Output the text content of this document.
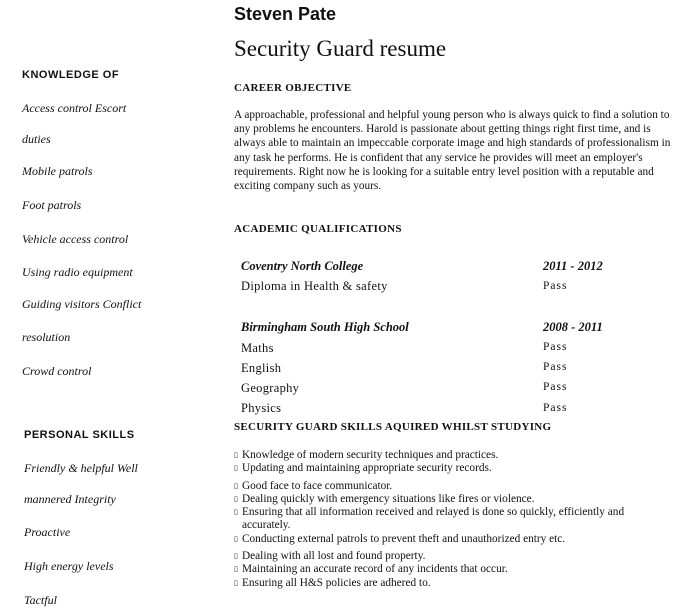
KNOWLEDGE OF
Access control Escort
duties
Mobile patrols
Foot patrols
Vehicle access control
Using radio equipment
Guiding visitors Conflict
resolution
Crowd control
PERSONAL SKILLS
Friendly & helpful Well
mannered Integrity
Proactive
High energy levels
Tactful
Steven Pate
Security Guard resume
CAREER OBJECTIVE
A approachable, professional and helpful young person who is always quick to find a solution to any problems he encounters. Harold is passionate about getting things right first time, and is always able to maintain an impeccable corporate image and high standards of professionalism in any task he performs. He is confident that any service he provides will meet an employer's requirements. Right now he is looking for a suitable entry level position with a reputable and exciting company such as yours.
ACADEMIC QUALIFICATIONS
Coventry North College	2011 - 2012
Diploma in Health & safety	Pass
Birmingham South High School	2008 - 2011
Maths	Pass
English	Pass
Geography	Pass
Physics	Pass
SECURITY GUARD SKILLS AQUIRED WHILST STUDYING
▯ Knowledge of modern security techniques and practices.
▯ Updating and maintaining appropriate security records.
▯ Good face to face communicator.
▯ Dealing quickly with emergency situations like fires or violence.
▯ Ensuring that all information received and relayed is done so quickly, efficiently and accurately.
▯ Conducting external patrols to prevent theft and unauthorized entry etc.
▯ Dealing with all lost and found property.
▯ Maintaining an accurate record of any incidents that occur.
▯ Ensuring all H&S policies are adhered to.
